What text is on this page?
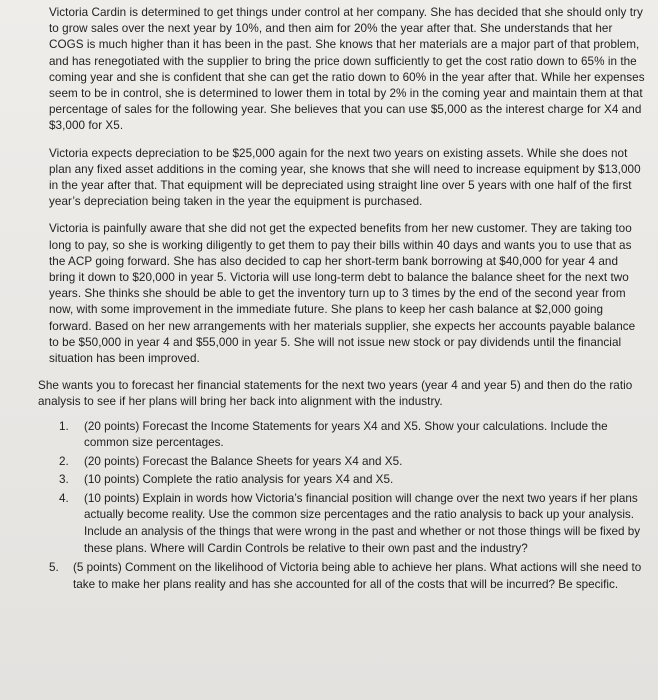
Victoria Cardin is determined to get things under control at her company. She has decided that she should only try to grow sales over the next year by 10%, and then aim for 20% the year after that. She understands that her COGS is much higher than it has been in the past. She knows that her materials are a major part of that problem, and has renegotiated with the supplier to bring the price down sufficiently to get the cost ratio down to 65% in the coming year and she is confident that she can get the ratio down to 60% in the year after that. While her expenses seem to be in control, she is determined to lower them in total by 2% in the coming year and maintain them at that percentage of sales for the following year. She believes that you can use $5,000 as the interest charge for X4 and $3,000 for X5.

Victoria expects depreciation to be $25,000 again for the next two years on existing assets. While she does not plan any fixed asset additions in the coming year, she knows that she will need to increase equipment by $13,000 in the year after that. That equipment will be depreciated using straight line over 5 years with one half of the first year’s depreciation being taken in the year the equipment is purchased.

Victoria is painfully aware that she did not get the expected benefits from her new customer. They are taking too long to pay, so she is working diligently to get them to pay their bills within 40 days and wants you to use that as the ACP going forward. She has also decided to cap her short-term bank borrowing at $40,000 for year 4 and bring it down to $20,000 in year 5. Victoria will use long-term debt to balance the balance sheet for the next two years. She thinks she should be able to get the inventory turn up to 3 times by the end of the second year from now, with some improvement in the immediate future. She plans to keep her cash balance at $2,000 going forward. Based on her new arrangements with her materials supplier, she expects her accounts payable balance to be $50,000 in year 4 and $55,000 in year 5. She will not issue new stock or pay dividends until the financial situation has been improved.

She wants you to forecast her financial statements for the next two years (year 4 and year 5) and then do the ratio analysis to see if her plans will bring her back into alignment with the industry.

1.	(20 points) Forecast the Income Statements for years X4 and X5. Show your calculations. Include the common size percentages.
2.	(20 points) Forecast the Balance Sheets for years X4 and X5.
3.	(10 points) Complete the ratio analysis for years X4 and X5.
4.	(10 points) Explain in words how Victoria’s financial position will change over the next two years if her plans actually become reality. Use the common size percentages and the ratio analysis to back up your analysis. Include an analysis of the things that were wrong in the past and whether or not those things will be fixed by these plans. Where will Cardin Controls be relative to their own past and the industry?
5.	(5 points) Comment on the likelihood of Victoria being able to achieve her plans. What actions will she need to take to make her plans reality and has she accounted for all of the costs that will be incurred? Be specific.
